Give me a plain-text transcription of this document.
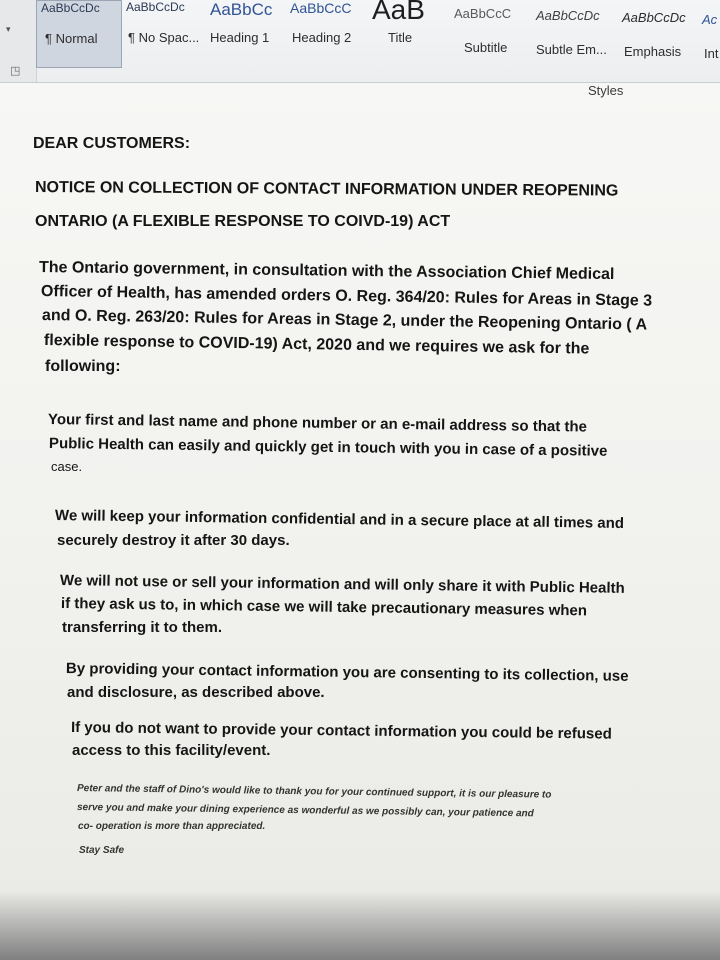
▾
◳
AaBbCcDc
¶ Normal
AaBbCcDc
¶ No Spac...
AaBbCc
Heading 1
AaBbCcC
Heading 2
AaB
Title
AaBbCcC
Subtitle
AaBbCcDc
Subtle Em...
AaBbCcDc
Emphasis
Ac
Int
Styles
DEAR CUSTOMERS:
NOTICE ON COLLECTION OF CONTACT INFORMATION UNDER REOPENING
ONTARIO (A FLEXIBLE RESPONSE TO COIVD-19) ACT
The Ontario government, in consultation with the Association Chief Medical
Officer of Health, has amended orders O. Reg. 364/20: Rules for Areas in Stage 3
and O. Reg. 263/20: Rules for Areas in Stage 2, under the Reopening Ontario ( A
flexible response to COVID-19) Act, 2020 and we requires we ask for the
following:
Your first and last name and phone number or an e-mail address so that the
Public Health can easily and quickly get in touch with you in case of a positive
case.
We will keep your information confidential and in a secure place at all times and
securely destroy it after 30 days.
We will not use or sell your information and will only share it with Public Health
if they ask us to, in which case we will take precautionary measures when
transferring it to them.
By providing your contact information you are consenting to its collection, use
and disclosure, as described above.
If you do not want to provide your contact information you could be refused
access to this facility/event.
Peter and the staff of Dino's would like to thank you for your continued support, it is our pleasure to
serve you and make your dining experience as wonderful as we possibly can, your patience and
co- operation is more than appreciated.
Stay Safe
